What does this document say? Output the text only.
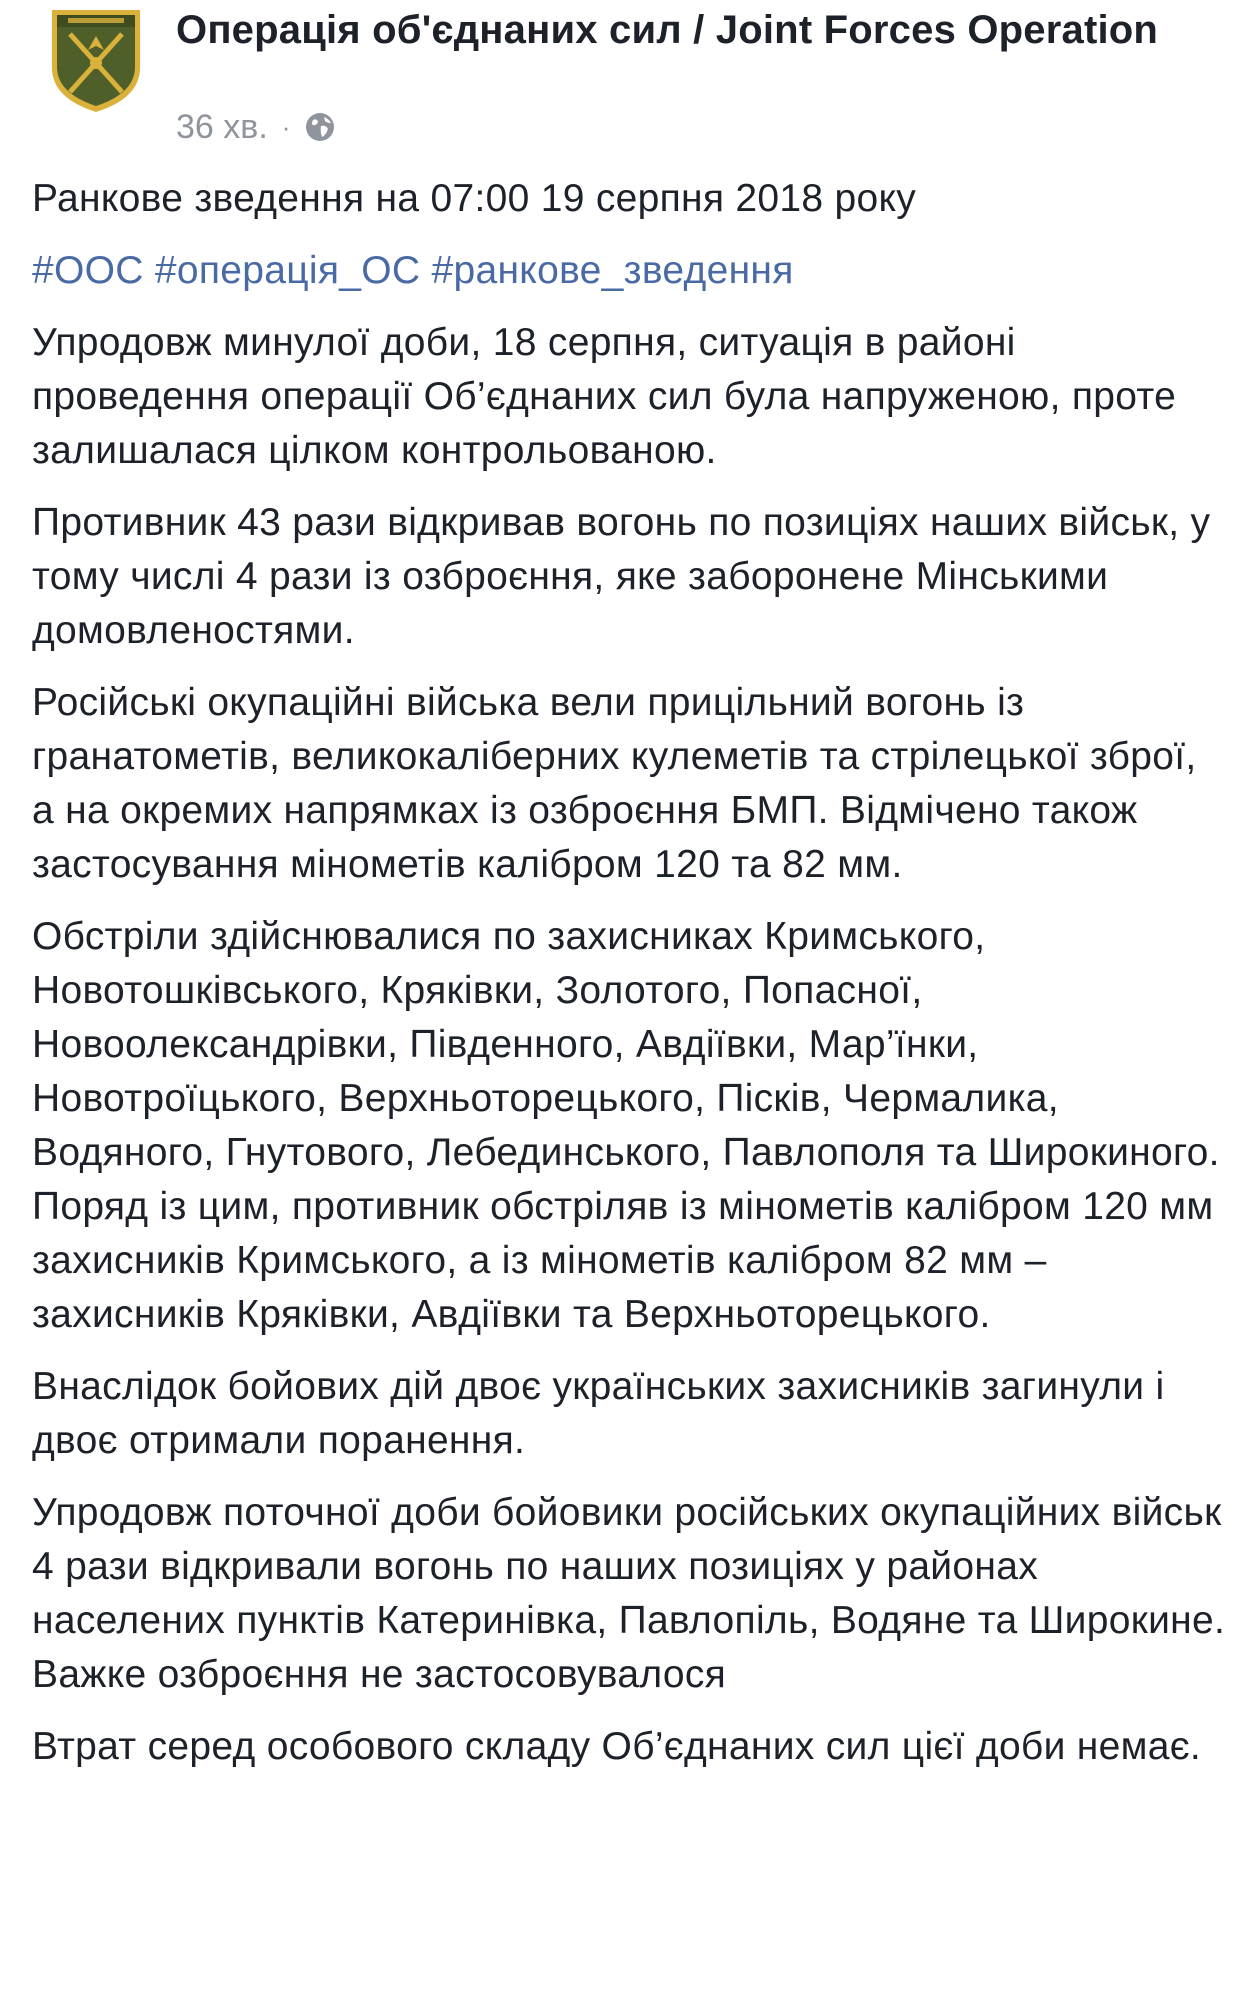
Операція об'єднаних сил / Joint Forces Operation
36 хв. ·

Ранкове зведення на 07:00 19 серпня 2018 року

#ООС #операція_ОС #ранкове_зведення

Упродовж минулої доби, 18 серпня, ситуація в районі проведення операції Об’єднаних сил була напруженою, проте залишалася цілком контрольованою.

Противник 43 рази відкривав вогонь по позиціях наших військ, у тому числі 4 рази із озброєння, яке заборонене Мінськими домовленостями.

Російські окупаційні війська вели прицільний вогонь із гранатометів, великокаліберних кулеметів та стрілецької зброї, а на окремих напрямках із озброєння БМП. Відмічено також застосування мінометів калібром 120 та 82 мм.

Обстріли здійснювалися по захисниках Кримського, Новотошківського, Кряківки, Золотого, Попасної, Новоолександрівки, Південного, Авдіївки, Мар’їнки, Новотроїцького, Верхньоторецького, Пісків, Чермалика, Водяного, Гнутового, Лебединського, Павлополя та Широкиного. Поряд із цим, противник обстріляв із мінометів калібром 120 мм захисників Кримського, а із мінометів калібром 82 мм – захисників Кряківки, Авдіївки та Верхньоторецького.

Внаслідок бойових дій двоє українських захисників загинули і двоє отримали поранення.

Упродовж поточної доби бойовики російських окупаційних військ 4 рази відкривали вогонь по наших позиціях у районах населених пунктів Катеринівка, Павлопіль, Водяне та Широкине. Важке озброєння не застосовувалося

Втрат серед особового складу Об’єднаних сил цієї доби немає.
